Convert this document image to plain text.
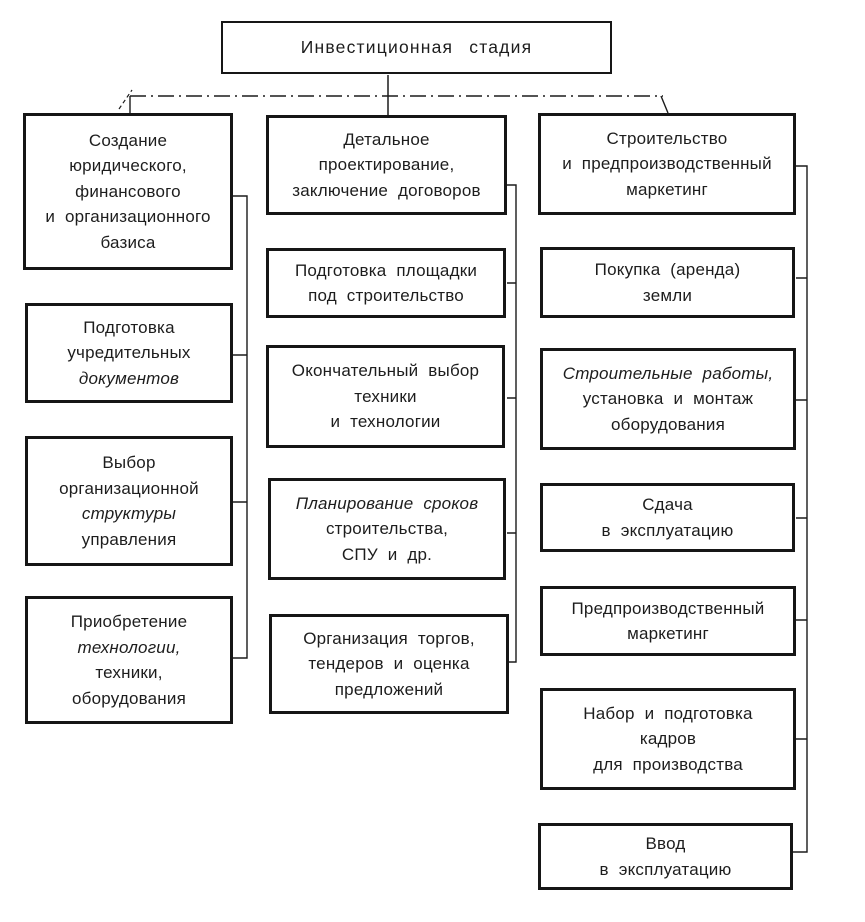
Инвестиционная стадия
Создание
юридического,
финансового
и организационного
базиса
Подготовка
учредительных
документов
Выбор
организационной
структуры
управления
Приобретение
технологии,
техники,
оборудования
Детальное
проектирование,
заключение договоров
Подготовка площадки
под строительство
Окончательный выбор
техники
и технологии
Планирование сроков
строительства,
СПУ и др.
Организация торгов,
тендеров и оценка
предложений
Строительство
и предпроизводственный
маркетинг
Покупка (аренда)
земли
Строительные работы,
установка и монтаж
оборудования
Сдача
в эксплуатацию
Предпроизводственный
маркетинг
Набор и подготовка
кадров
для производства
Ввод
в эксплуатацию
